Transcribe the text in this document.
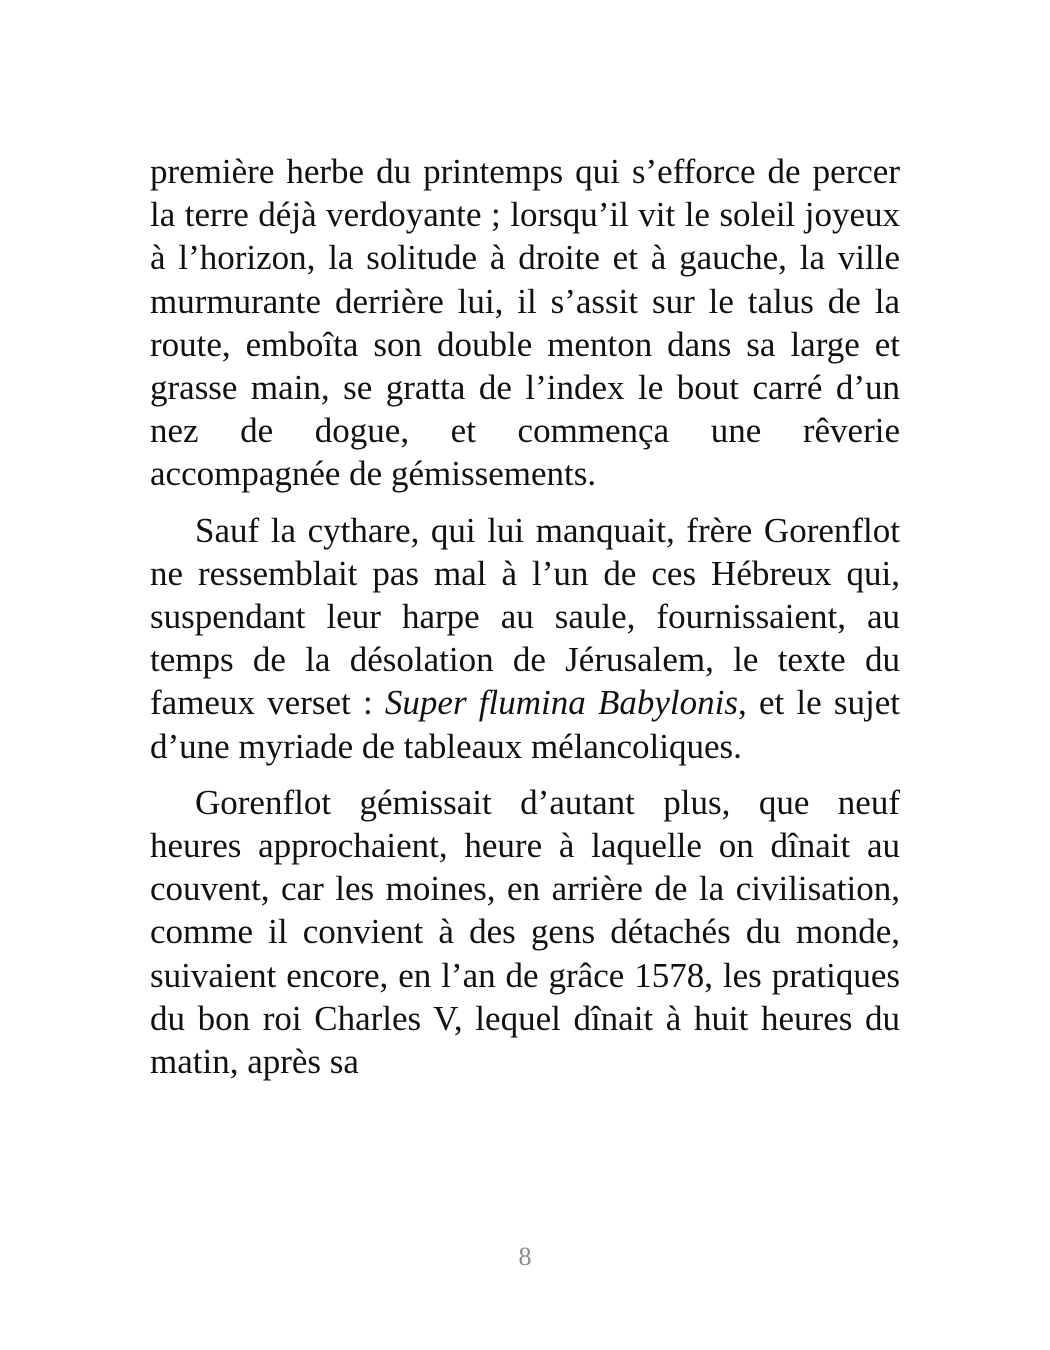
première herbe du printemps qui s’efforce de percer la terre déjà verdoyante ; lorsqu’il vit le soleil joyeux à l’horizon, la solitude à droite et à gauche, la ville murmurante derrière lui, il s’assit sur le talus de la route, emboîta son double menton dans sa large et grasse main, se gratta de l’index le bout carré d’un nez de dogue, et commença une rêverie accompagnée de gémissements.

Sauf la cythare, qui lui manquait, frère Gorenflot ne ressemblait pas mal à l’un de ces Hébreux qui, suspendant leur harpe au saule, fournissaient, au temps de la désolation de Jérusalem, le texte du fameux verset : Super flumina Babylonis, et le sujet d’une myriade de tableaux mélancoliques.

Gorenflot gémissait d’autant plus, que neuf heures approchaient, heure à laquelle on dînait au couvent, car les moines, en arrière de la civilisation, comme il convient à des gens détachés du monde, suivaient encore, en l’an de grâce 1578, les pratiques du bon roi Charles V, lequel dînait à huit heures du matin, après sa

8
